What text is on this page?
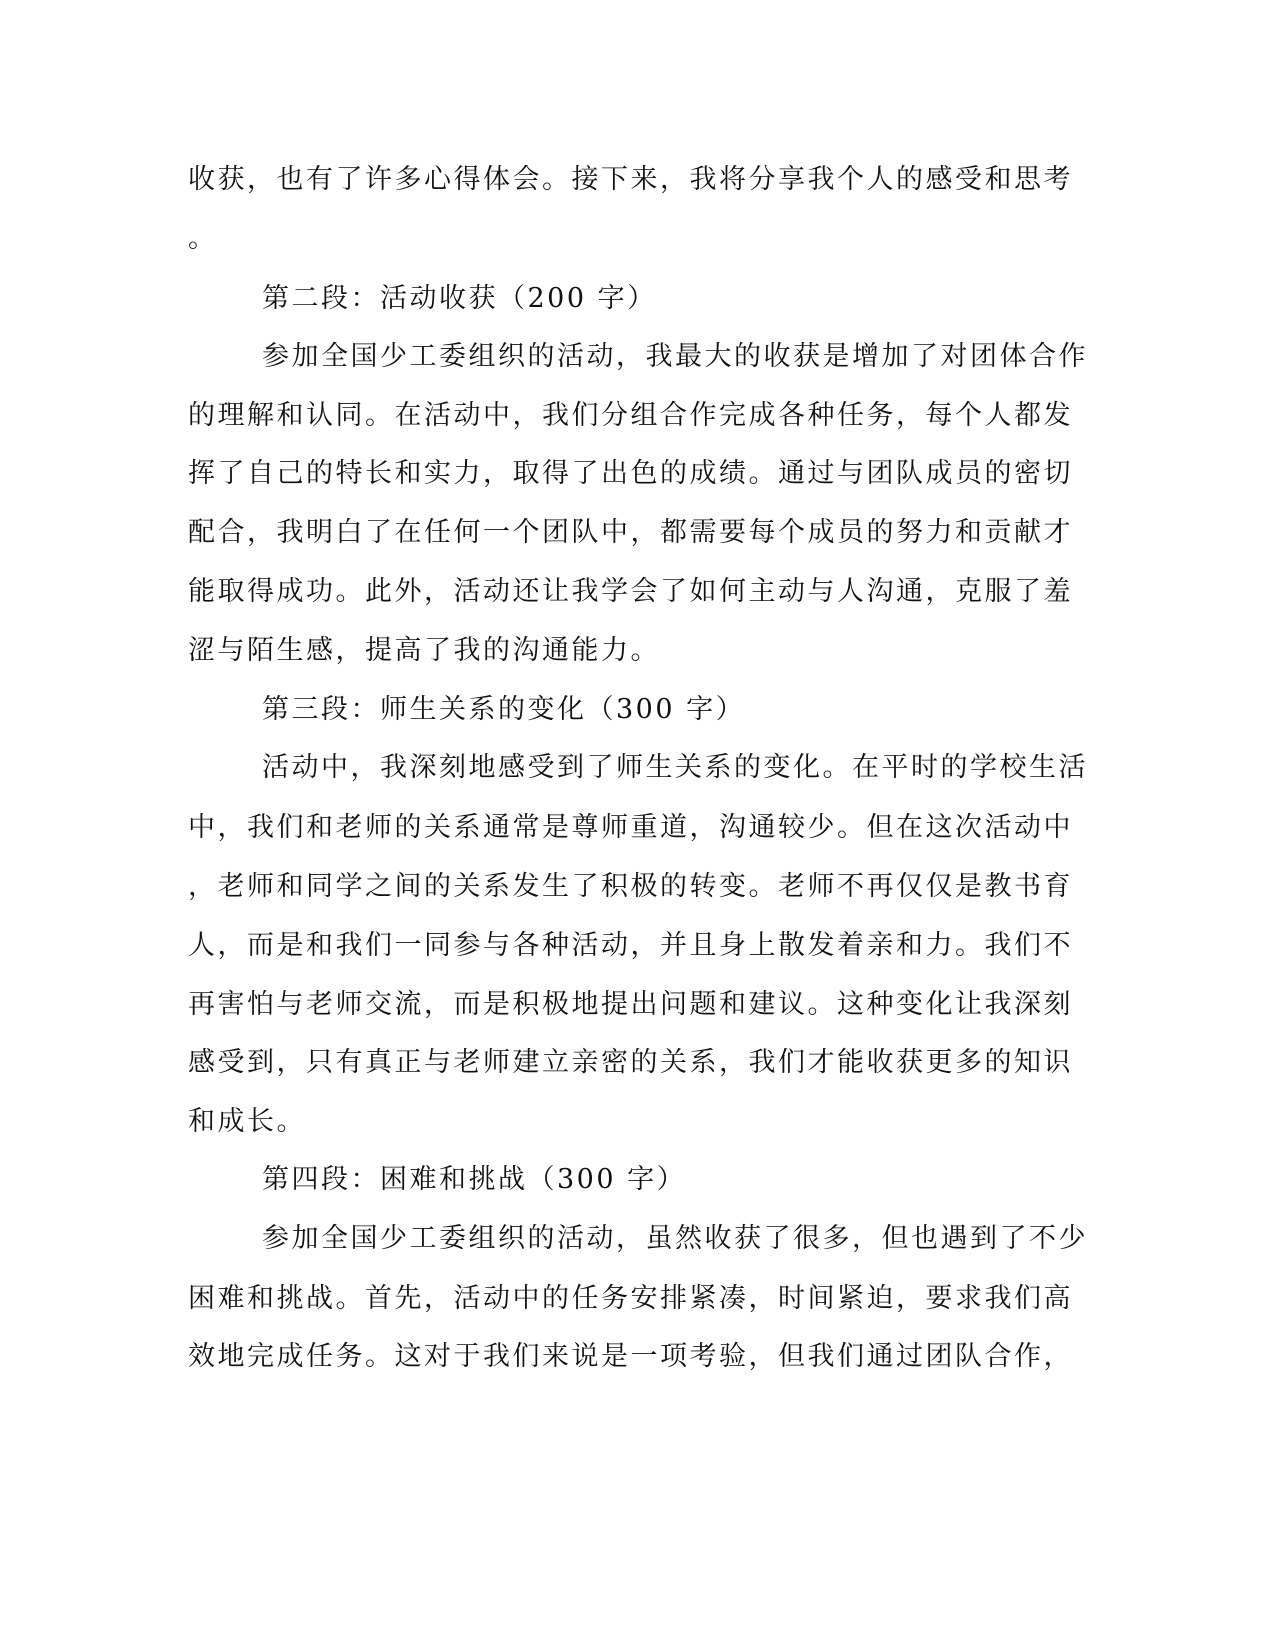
收获，也有了许多心得体会。接下来，我将分享我个人的感受和思考
。
第二段：活动收获（200 字）
参加全国少工委组织的活动，我最大的收获是增加了对团体合作
的理解和认同。在活动中，我们分组合作完成各种任务，每个人都发
挥了自己的特长和实力，取得了出色的成绩。通过与团队成员的密切
配合，我明白了在任何一个团队中，都需要每个成员的努力和贡献才
能取得成功。此外，活动还让我学会了如何主动与人沟通，克服了羞
涩与陌生感，提高了我的沟通能力。
第三段：师生关系的变化（300 字）
活动中，我深刻地感受到了师生关系的变化。在平时的学校生活
中，我们和老师的关系通常是尊师重道，沟通较少。但在这次活动中
，老师和同学之间的关系发生了积极的转变。老师不再仅仅是教书育
人，而是和我们一同参与各种活动，并且身上散发着亲和力。我们不
再害怕与老师交流，而是积极地提出问题和建议。这种变化让我深刻
感受到，只有真正与老师建立亲密的关系，我们才能收获更多的知识
和成长。
第四段：困难和挑战（300 字）
参加全国少工委组织的活动，虽然收获了很多，但也遇到了不少
困难和挑战。首先，活动中的任务安排紧凑，时间紧迫，要求我们高
效地完成任务。这对于我们来说是一项考验，但我们通过团队合作，
